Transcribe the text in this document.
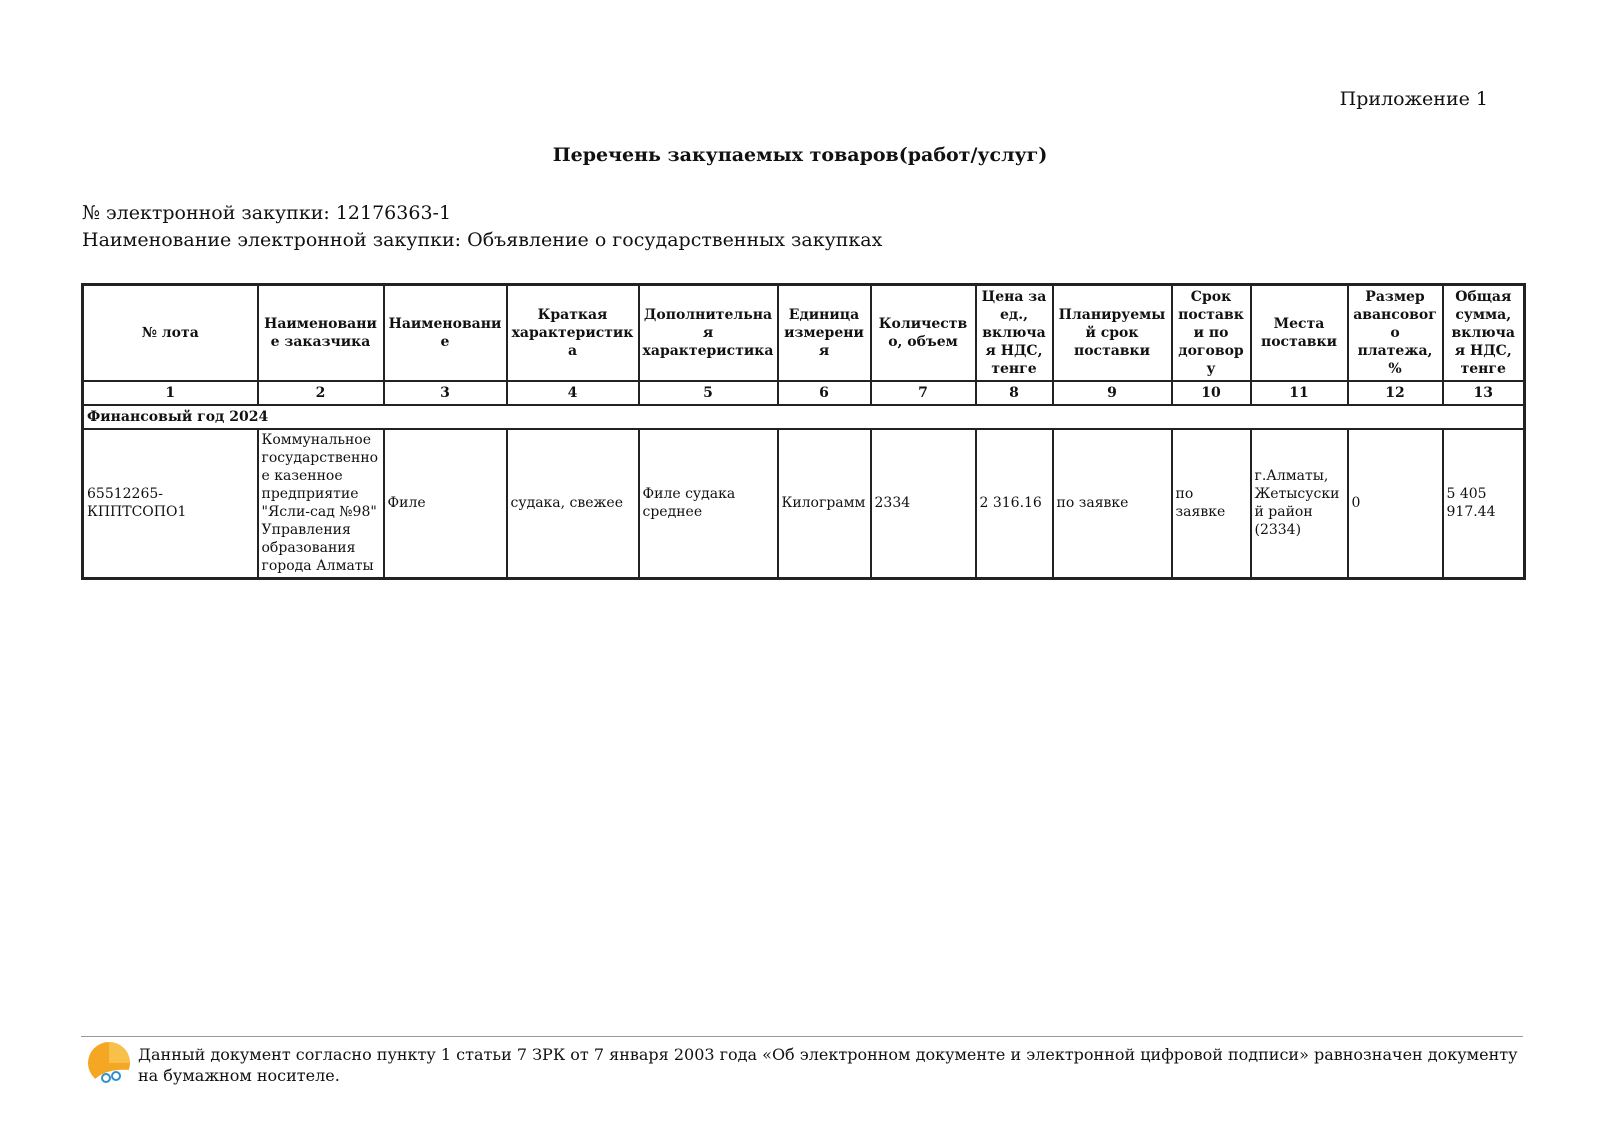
Приложение 1
Перечень закупаемых товаров(работ/услуг)
№ электронной закупки: 12176363-1
Наименование электронной закупки: Объявление о государственных закупках
№ лота	Наименование заказчика	Наименование	Краткая характеристика	Дополнительная характеристика	Единица измерения	Количество, объем	Цена за ед., включая НДС, тенге	Планируемый срок поставки	Срок поставки по договору	Места поставки	Размер авансового платежа, %	Общая сумма, включая НДС, тенге
1	2	3	4	5	6	7	8	9	10	11	12	13
Финансовый год 2024												
65512265-КППТСОПО1	Коммунальное государственное казенное предприятие "Ясли-сад №98" Управления образования города Алматы	Филе	судака, свежее	Филе судака среднее	Килограмм	2334	2 316.16	по заявке	по заявке	г.Алматы, Жетысуский район (2334)	0	5 405 917.44
Данный документ согласно пункту 1 статьи 7 ЗРК от 7 января 2003 года «Об электронном документе и электронной цифровой подписи» равнозначен документу на бумажном носителе.
